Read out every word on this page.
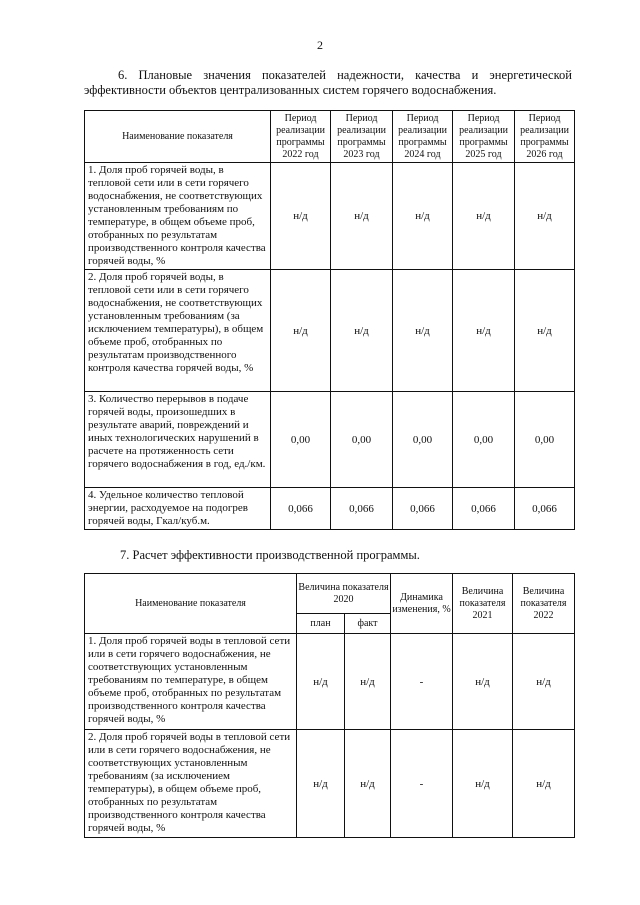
2
6. Плановые значения показателей надежности, качества и энергетической
эффективности объектов централизованных систем горячего водоснабжения.
Наименование показателя	Период реализации программы 2022 год	Период реализации программы 2023 год	Период реализации программы 2024 год	Период реализации программы 2025 год	Период реализации программы 2026 год
1. Доля проб горячей воды, в тепловой сети или в сети горячего водоснабжения, не соответствующих установленным требованиям по температуре, в общем объеме проб, отобранных по результатам производственного контроля качества горячей воды, %	н/д	н/д	н/д	н/д	н/д
2. Доля проб горячей воды, в тепловой сети или в сети горячего водоснабжения, не соответствующих установленным требованиям (за исключением температуры), в общем объеме проб, отобранных по результатам производственного контроля качества горячей воды, %	н/д	н/д	н/д	н/д	н/д
3. Количество перерывов в подаче горячей воды, произошедших в результате аварий, повреждений и иных технологических нарушений в расчете на протяженность сети горячего водоснабжения в год, ед./км.	0,00	0,00	0,00	0,00	0,00
4. Удельное количество тепловой энергии, расходуемое на подогрев горячей воды, Гкал/куб.м.	0,066	0,066	0,066	0,066	0,066
7. Расчет эффективности производственной программы.
Наименование показателя	Величина показателя 2020		Динамика изменения, %	Величина показателя 2021	Величина показателя 2022
	план	факт			
1. Доля проб горячей воды в тепловой сети или в сети горячего водоснабжения, не соответствующих установленным требованиям по температуре, в общем объеме проб, отобранных по результатам производственного контроля качества горячей воды, %	н/д	н/д	-	н/д	н/д
2. Доля проб горячей воды в тепловой сети или в сети горячего водоснабжения, не соответствующих установленным требованиям (за исключением температуры), в общем объеме проб, отобранных по результатам производственного контроля качества горячей воды, %	н/д	н/д	-	н/д	н/д
